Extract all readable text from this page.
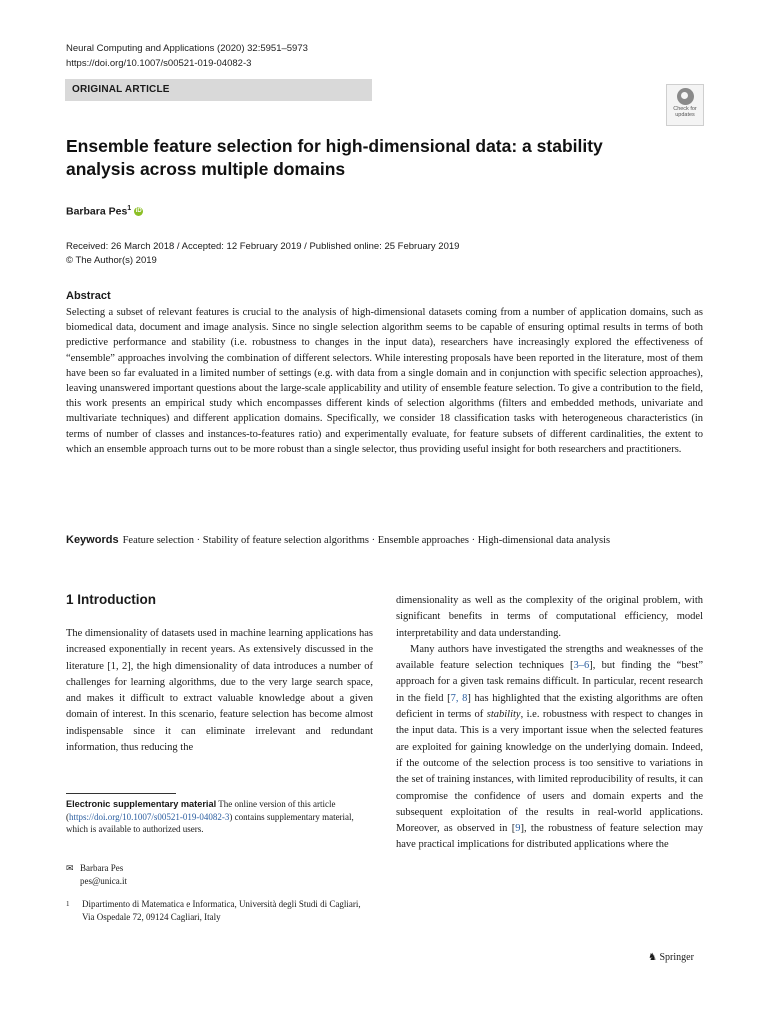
Neural Computing and Applications (2020) 32:5951–5973
https://doi.org/10.1007/s00521-019-04082-3
ORIGINAL ARTICLE
Check for updates
Ensemble feature selection for high-dimensional data: a stability analysis across multiple domains
Barbara Pes$^1$ iD
Received: 26 March 2018 / Accepted: 12 February 2019 / Published online: 25 February 2019
© The Author(s) 2019
Abstract

Selecting a subset of relevant features is crucial to the analysis of high-dimensional datasets coming from a number of application domains, such as biomedical data, document and image analysis. Since no single selection algorithm seems to be capable of ensuring optimal results in terms of both predictive performance and stability (i.e. robustness to changes in the input data), researchers have increasingly explored the effectiveness of “ensemble” approaches involving the combination of different selectors. While interesting proposals have been reported in the literature, most of them have been so far evaluated in a limited number of settings (e.g. with data from a single domain and in conjunction with specific selection approaches), leaving unanswered important questions about the large-scale applicability and utility of ensemble feature selection. To give a contribution to the field, this work presents an empirical study which encompasses different kinds of selection algorithms (filters and embedded methods, univariate and multivariate techniques) and different application domains. Specifically, we consider 18 classification tasks with heterogeneous characteristics (in terms of number of classes and instances-to-features ratio) and experimentally evaluate, for feature subsets of different cardinalities, the extent to which an ensemble approach turns out to be more robust than a single selector, thus providing useful insight for both researchers and practitioners.

Keywords Feature selection · Stability of feature selection algorithms · Ensemble approaches · High-dimensional data analysis

1 Introduction

The dimensionality of datasets used in machine learning applications has increased exponentially in recent years. As extensively discussed in the literature [1, 2], the high dimensionality of data introduces a number of challenges for learning algorithms, due to the very large search space, and makes it difficult to extract valuable knowledge about a given domain of interest. In this scenario, feature selection has become almost indispensable since it can eliminate irrelevant and redundant information, thus reducing the

dimensionality as well as the complexity of the original problem, with significant benefits in terms of computational efficiency, model interpretability and data understanding.

Many authors have investigated the strengths and weaknesses of the available feature selection techniques [3–6], but finding the “best” approach for a given task remains difficult. In particular, recent research in the field [7, 8] has highlighted that the existing algorithms are often deficient in terms of stability, i.e. robustness with respect to changes in the input data. This is a very important issue when the selected features are exploited for gaining knowledge on the underlying domain. Indeed, if the outcome of the selection process is too sensitive to variations in the set of training instances, with limited reproducibility of results, it can compromise the confidence of users and domain experts and the subsequent exploitation of the results in real-world applications. Moreover, as observed in [9], the robustness of feature selection may have practical implications for distributed applications where the

Electronic supplementary material The online version of this article (https://doi.org/10.1007/s00521-019-04082-3) contains supplementary material, which is available to authorized users.

✉ Barbara Pes
pes@unica.it
1 Dipartimento di Matematica e Informatica, Università degli Studi di Cagliari, Via Ospedale 72, 09124 Cagliari, Italy
♞ Springer
